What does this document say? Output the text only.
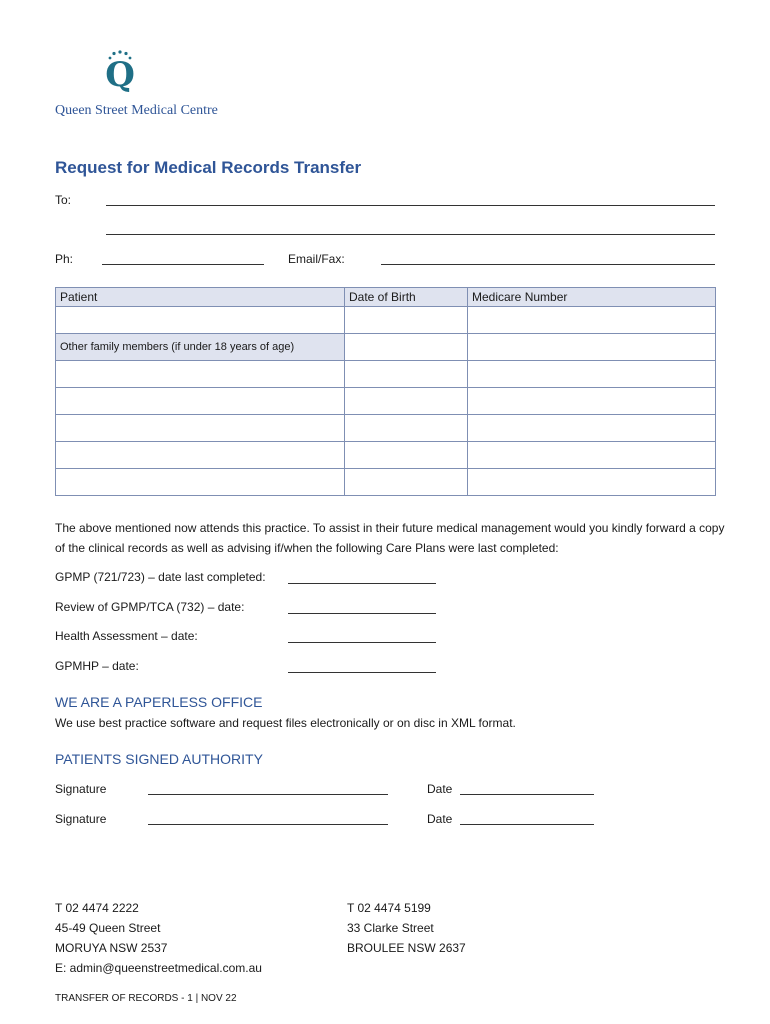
Q
Queen Street Medical Centre
Request for Medical Records Transfer
To:
Ph:	Email/Fax:
Patient	Date of Birth	Medicare Number

Other family members (if under 18 years of age)		

The above mentioned now attends this practice. To assist in their future medical management would you kindly forward a copy of the clinical records as well as advising if/when the following Care Plans were last completed:
GPMP (721/723) – date last completed:
Review of GPMP/TCA (732) – date:
Health Assessment – date:
GPMHP – date:
WE ARE A PAPERLESS OFFICE
We use best practice software and request files electronically or on disc in XML format.
PATIENTS SIGNED AUTHORITY
Signature	Date
Signature	Date
T 02 4474 2222
45-49 Queen Street
MORUYA NSW 2537
E: admin@queenstreetmedical.com.au
T 02 4474 5199
33 Clarke Street
BROULEE NSW 2637
TRANSFER OF RECORDS - 1 | NOV 22
